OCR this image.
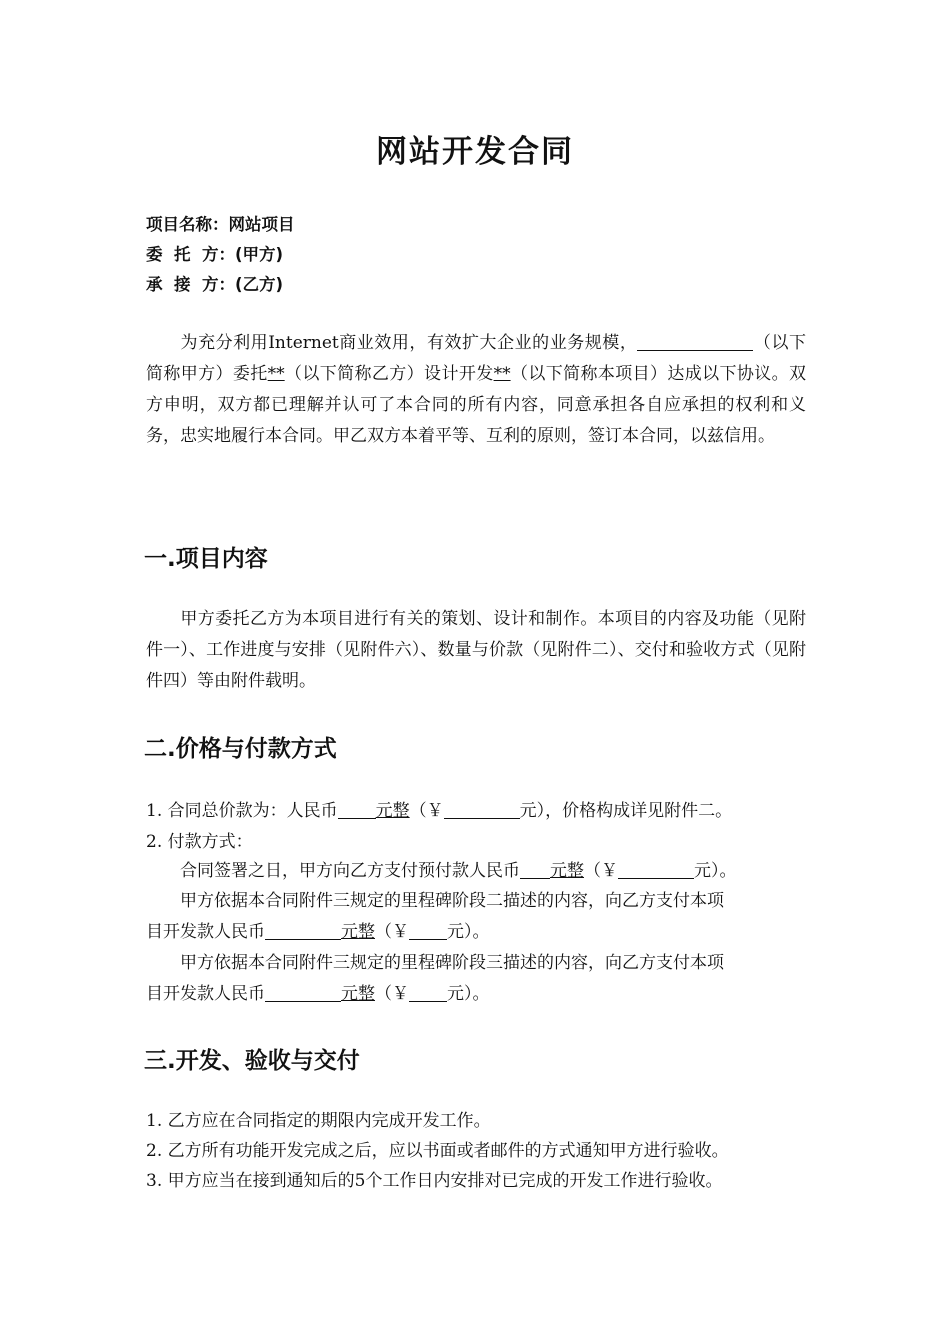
网站开发合同
项目名称：网站项目
委  托  方：(甲方)
承  接  方：(乙方)

为充分利用Internet商业效用，有效扩大企业的业务规模，	（以下简称甲方）委托**（以下简称乙方）设计开发**（以下简称本项目）达成以下协议。双方申明，双方都已理解并认可了本合同的所有内容，同意承担各自应承担的权利和义务，忠实地履行本合同。甲乙双方本着平等、互利的原则，签订本合同，以兹信用。

一.项目内容

甲方委托乙方为本项目进行有关的策划、设计和制作。本项目的内容及功能（见附件一）、工作进度与安排（见附件六）、数量与价款（见附件二）、交付和验收方式（见附件四）等由附件载明。

二.价格与付款方式
1. 合同总价款为：人民币 元整（￥	元），价格构成详见附件二。
2. 付款方式：
合同签署之日，甲方向乙方支付预付款人民币 元整（￥	元）。
甲方依据本合同附件三规定的里程碑阶段二描述的内容，向乙方支付本项
目开发款人民币	元整（￥ 元）。
甲方依据本合同附件三规定的里程碑阶段三描述的内容，向乙方支付本项
目开发款人民币	元整（￥ 元）。
三.开发、验收与交付
1. 乙方应在合同指定的期限内完成开发工作。
2. 乙方所有功能开发完成之后，应以书面或者邮件的方式通知甲方进行验收。
3. 甲方应当在接到通知后的5个工作日内安排对已完成的开发工作进行验收。
